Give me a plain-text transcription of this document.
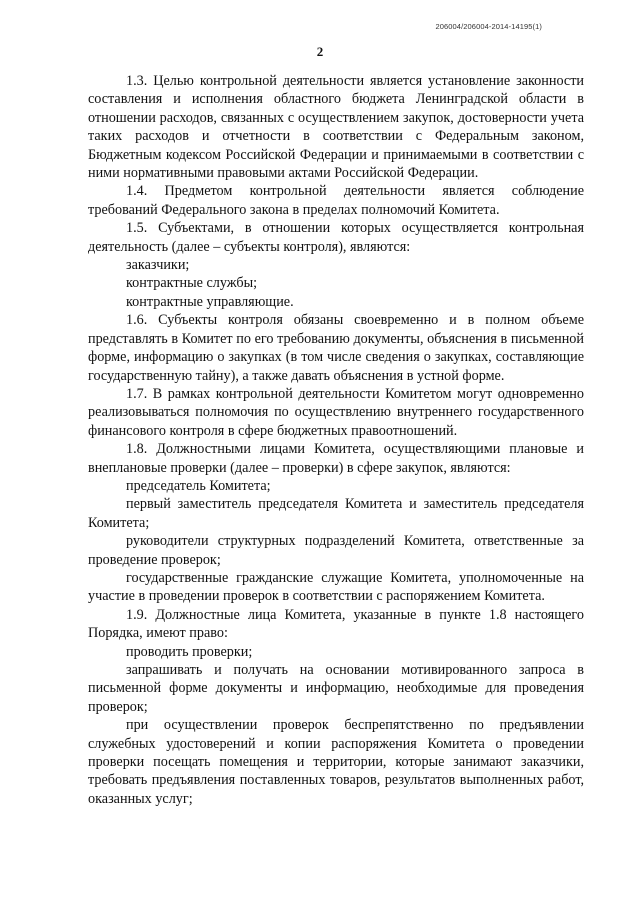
206004/206004-2014-14195(1)
2

1.3. Целью контрольной деятельности является установление законности составления и исполнения областного бюджета Ленинградской области в отношении расходов, связанных с осуществлением закупок, достоверности учета таких расходов и отчетности в соответствии с Федеральным законом, Бюджетным кодексом Российской Федерации и принимаемыми в соответствии с ними нормативными правовыми актами Российской Федерации.

1.4. Предметом контрольной деятельности является соблюдение требований Федерального закона в пределах полномочий Комитета.

1.5. Субъектами, в отношении которых осуществляется контрольная деятельность (далее – субъекты контроля), являются:

заказчики;

контрактные службы;

контрактные управляющие.

1.6. Субъекты контроля обязаны своевременно и в полном объеме представлять в Комитет по его требованию документы, объяснения в письменной форме, информацию о закупках (в том числе сведения о закупках, составляющие государственную тайну), а также давать объяснения в устной форме.

1.7. В рамках контрольной деятельности Комитетом могут одновременно реализовываться полномочия по осуществлению внутреннего государственного финансового контроля в сфере бюджетных правоотношений.

1.8. Должностными лицами Комитета, осуществляющими плановые и внеплановые проверки (далее – проверки) в сфере закупок, являются:

председатель Комитета;

первый заместитель председателя Комитета и заместитель председателя Комитета;

руководители структурных подразделений Комитета, ответственные за проведение проверок;

государственные гражданские служащие Комитета, уполномоченные на участие в проведении проверок в соответствии с распоряжением Комитета.

1.9. Должностные лица Комитета, указанные в пункте 1.8 настоящего Порядка, имеют право:

проводить проверки;

запрашивать и получать на основании мотивированного запроса в письменной форме документы и информацию, необходимые для проведения проверок;

при осуществлении проверок беспрепятственно по предъявлении служебных удостоверений и копии распоряжения Комитета о проведении проверки посещать помещения и территории, которые занимают заказчики, требовать предъявления поставленных товаров, результатов выполненных работ, оказанных услуг;
